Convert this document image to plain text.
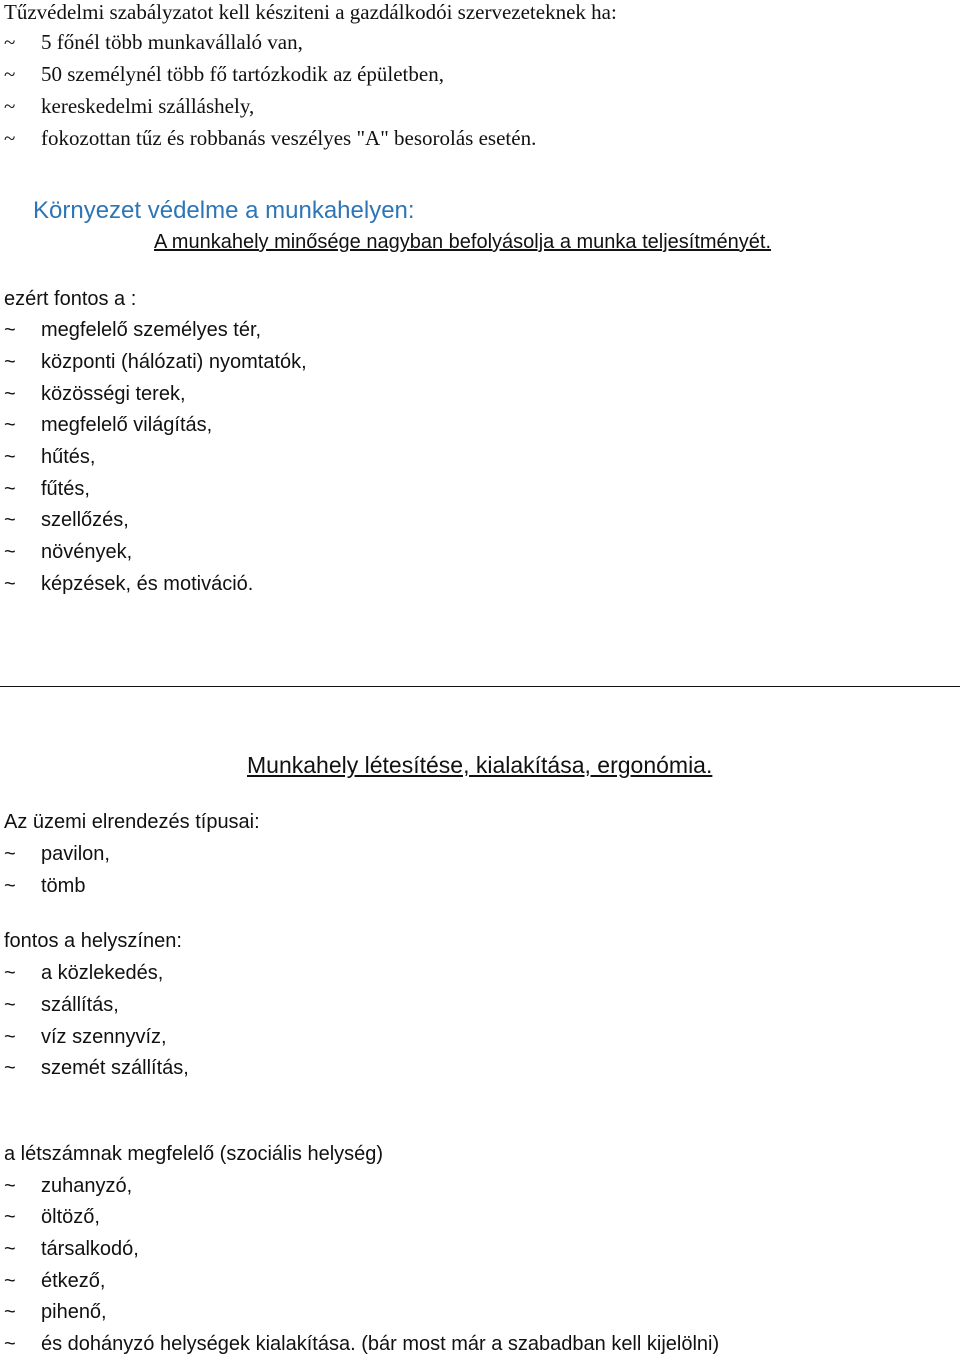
Tűzvédelmi szabályzatot kell késziteni a gazdálkodói szervezeteknek ha:
~ 5 főnél több munkavállaló van,
~ 50 személynél több fő tartózkodik az épületben,
~ kereskedelmi szálláshely,
~ fokozottan tűz és robbanás veszélyes "A" besorolás esetén.
Környezet védelme a munkahelyen:
A munkahely minősége nagyban befolyásolja a munka teljesítményét.
ezért fontos a :
~ megfelelő személyes tér,
~ központi (hálózati) nyomtatók,
~ közösségi terek,
~ megfelelő világítás,
~ hűtés,
~ fűtés,
~ szellőzés,
~ növények,
~ képzések, és motiváció.
Munkahely létesítése, kialakítása, ergonómia.
Az üzemi elrendezés típusai:
~ pavilon,
~ tömb
fontos a helyszínen:
~ a közlekedés,
~ szállítás,
~ víz szennyvíz,
~ szemét szállítás,
a létszámnak megfelelő (szociális helység)
~ zuhanyzó,
~ öltöző,
~ társalkodó,
~ étkező,
~ pihenő,
~ és dohányzó helységek kialakítása. (bár most már a szabadban kell kijelölni)
